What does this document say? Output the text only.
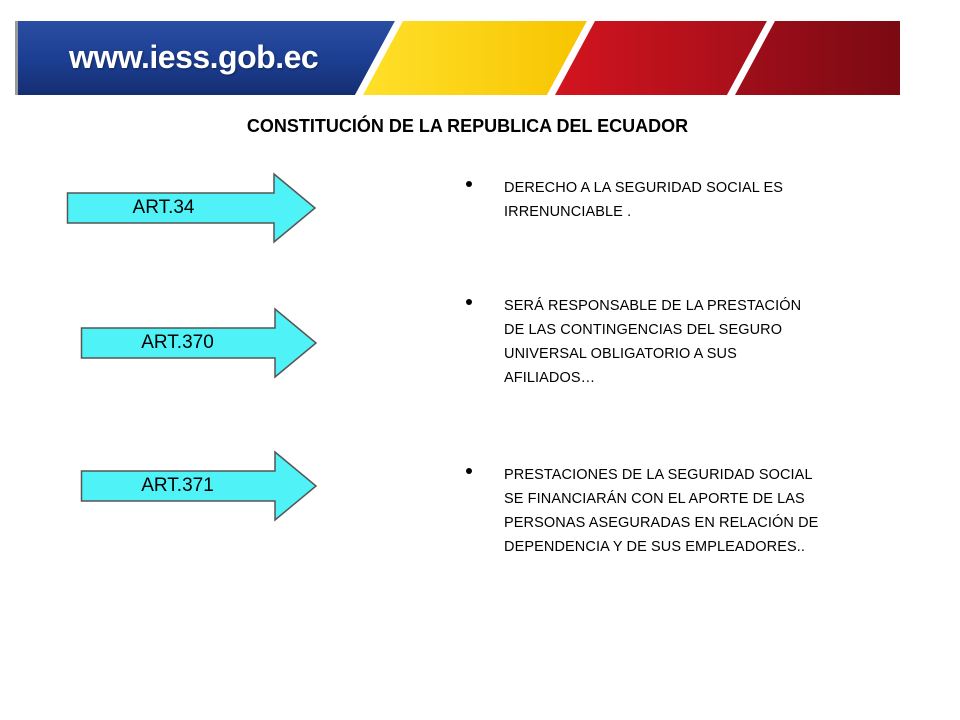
www.iess.gob.ec
CONSTITUCIÓN DE LA REPUBLICA DEL ECUADOR
ART.34
ART.370
ART.371
DERECHO A LA SEGURIDAD SOCIAL ES
IRRENUNCIABLE .
SERÁ RESPONSABLE DE LA PRESTACIÓN
DE LAS CONTINGENCIAS DEL SEGURO
UNIVERSAL OBLIGATORIO A SUS
AFILIADOS…
PRESTACIONES DE LA SEGURIDAD SOCIAL
SE FINANCIARÁN CON EL APORTE DE LAS
PERSONAS ASEGURADAS EN RELACIÓN DE
DEPENDENCIA Y DE SUS EMPLEADORES..
